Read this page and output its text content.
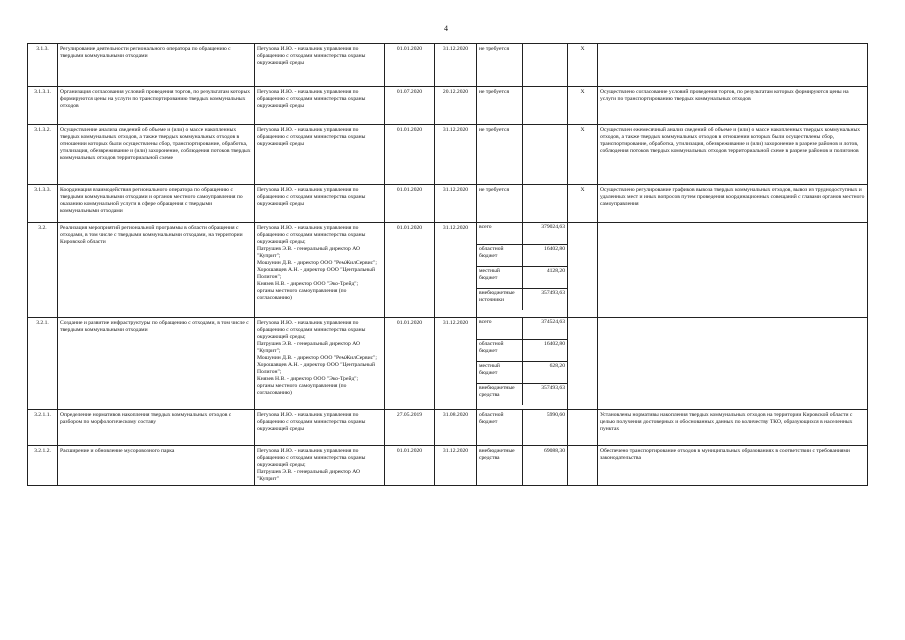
4
3.1.3.	Регулирование деятельности регионального оператора по обращению с твердыми коммунальными отходами	Петухова И.Ю. - начальник управления по обращению с отходами министерства охраны окружающей среды	01.01.2020	31.12.2020	не требуется		X	
3.1.3.1.	Организация согласования условий проведения торгов, по результатам которых формируются цены на услуги по транспортированию твердых коммунальных отходов	Петухова И.Ю. - начальник управления по обращению с отходами министерства охраны окружающей среды	01.07.2020	20.12.2020	не требуется		X	Осуществлено согласование условий проведения торгов, по результатам которых формируются цены на услуги по транспортированию твердых коммунальных отходов
3.1.3.2.	Осуществление анализа сведений об объеме и (или) о массе накопленных твердых коммунальных отходов, а также твердых коммунальных отходов в отношении которых были осуществлены сбор, транспортирование, обработка, утилизация, обезвреживание и (или) захоронение, соблюдения потоков твердых коммунальных отходов территориальной схеме	Петухова И.Ю. - начальник управления по обращению с отходами министерства охраны окружающей среды	01.01.2020	31.12.2020	не требуется		X	Осуществлен ежемесячный анализ сведений об объеме и (или) о массе накопленных твердых коммунальных отходов, а также твердых коммунальных отходов в отношении которых были осуществлены сбор, транспортирование, обработка, утилизация, обезвреживание и (или) захоронение в разрезе районов и лотов, соблюдения потоков твердых коммунальных отходов территориальной схеме в разрезе районов и полигонов
3.1.3.3.	Координация взаимодействия регионального оператора по обращению с твердыми коммунальными отходами и органов местного самоуправления по оказанию коммунальной услуги в сфере обращения с твердыми коммунальными отходами	Петухова И.Ю. - начальник управления по обращению с отходами министерства охраны окружающей среды	01.01.2020	31.12.2020	не требуется		X	Осуществлено регулирование графиков вывоза твердых коммунальных отходов, вывоз из труднодоступных и удаленных мест и иных вопросов путем проведения координационных совещаний с главами органов местного самоуправления
3.2.	Реализация мероприятий региональной программы в области обращения с отходами, в том числе с твердыми коммунальными отходами, на территории Кировской области	Петухова И.Ю. - начальник управления по обращению с отходами министерства охраны окружающей среды;
Патрушев Э.В. - генеральный директор АО "Куприт";
Мошунин Д.В. - директор ООО "РемЖилСервис";
Хорошавцев А.Н. - директор ООО "Центральный Полигон";
Князев Н.В. - директор ООО "Эко-Трейд";
органы местного самоуправления (по согласованию)	01.01.2020	31.12.2020	всего	379024,63
областной бюджет	16402,80
местный бюджет	4128,20
внебюджетные источники	357493,63

3.2.1.	Создание и развитие инфраструктуры по обращению с отходами, в том числе с твердыми коммунальными отходами	Петухова И.Ю. - начальник управления по обращению с отходами министерства охраны окружающей среды;
Патрушев Э.В. - генеральный директор АО "Куприт";
Мошунин Д.В. - директор ООО "РемЖилСервис";
Хорошавцев А.Н. - директор ООО "Центральный Полигон";
Князев Н.В. - директор ООО "Эко-Трейд";
органы местного самоуправления (по согласованию)	01.01.2020	31.12.2020	всего	374524,63
областной бюджет	16402,80
местный бюджет	628,20
внебюджетные средства	357493,63

3.2.1.1.	Определение нормативов накопления твердых коммунальных отходов с разбором по морфологическому составу	Петухова И.Ю. - начальник управления по обращению с отходами министерства охраны окружающей среды	27.05.2019	31.08.2020	областной бюджет	5990,60		Установлены нормативы накопления твердых коммунальных отходов на территории Кировской области с целью получения достоверных и обоснованных данных по количеству ТКО, образующихся в населенных пунктах
3.2.1.2.	Расширение и обновление мусоровозного парка	Петухова И.Ю. - начальник управления по обращению с отходами министерства охраны окружающей среды;
Патрушев Э.В. - генеральный директор АО "Куприт"	01.01.2020	31.12.2020	внебюджетные средства	69088,30		Обеспечено транспортирование отходов в муниципальных образованиях в соответствии с требованиями законодательства
